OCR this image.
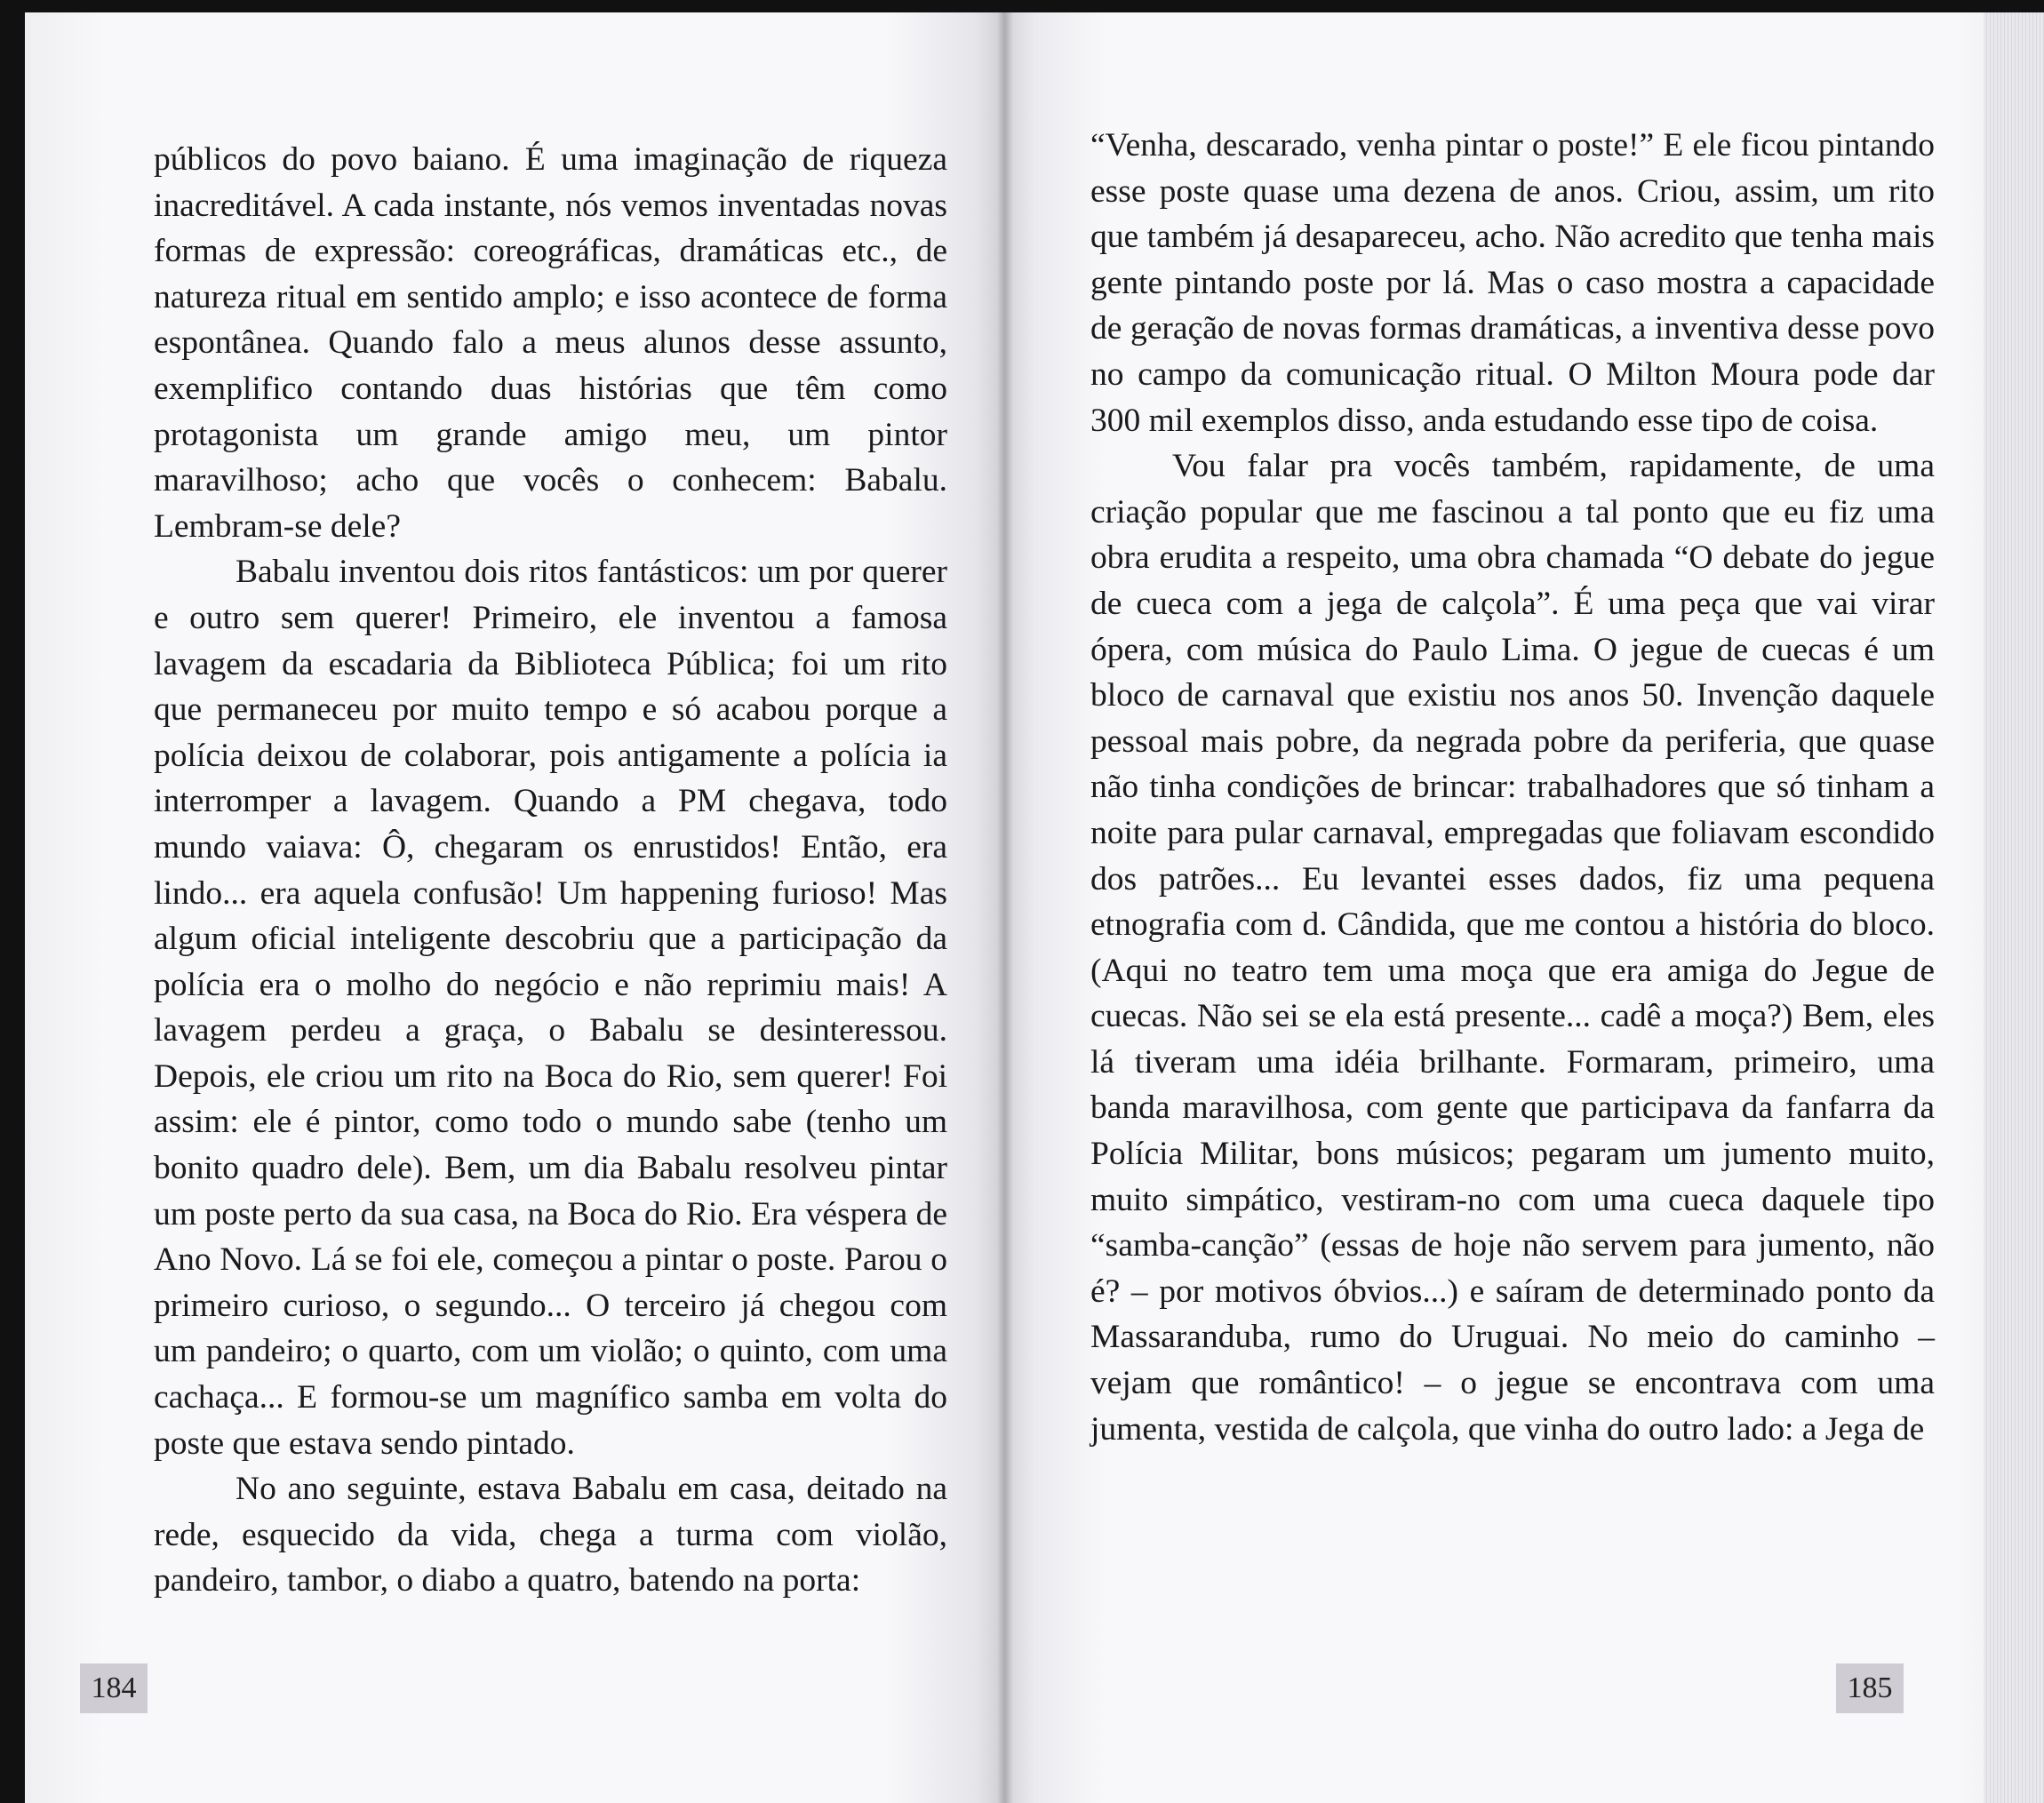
públicos do povo baiano. É uma imaginação de riqueza inacreditável. A cada instante, nós vemos inventadas novas formas de expressão: coreográficas, dramáticas etc., de natureza ritual em sentido amplo; e isso acontece de forma espontânea. Quando falo a meus alunos desse assunto, exemplifico contando duas histórias que têm como protagonista um grande amigo meu, um pintor maravilhoso; acho que vocês o conhecem: Babalu. Lembram-se dele?

Babalu inventou dois ritos fantásticos: um por querer e outro sem querer! Primeiro, ele inventou a famosa lavagem da escadaria da Biblioteca Pública; foi um rito que permaneceu por muito tempo e só acabou porque a polícia deixou de colaborar, pois antigamente a polícia ia interromper a lavagem. Quando a PM chegava, todo mundo vaiava: Ô, chegaram os enrustidos! Então, era lindo... era aquela confusão! Um happening furioso! Mas algum oficial inteligente descobriu que a participação da polícia era o molho do negócio e não reprimiu mais! A lavagem perdeu a graça, o Babalu se desinteressou. Depois, ele criou um rito na Boca do Rio, sem querer! Foi assim: ele é pintor, como todo o mundo sabe (tenho um bonito quadro dele). Bem, um dia Babalu resolveu pintar um poste perto da sua casa, na Boca do Rio. Era véspera de Ano Novo. Lá se foi ele, começou a pintar o poste. Parou o primeiro curioso, o segundo... O terceiro já chegou com um pandeiro; o quarto, com um violão; o quinto, com uma cachaça... E formou-se um magnífico samba em volta do poste que estava sendo pintado.

No ano seguinte, estava Babalu em casa, deitado na rede, esquecido da vida, chega a turma com violão, pandeiro, tambor, o diabo a quatro, batendo na porta:

184

“Venha, descarado, venha pintar o poste!” E ele ficou pintando esse poste quase uma dezena de anos. Criou, assim, um rito que também já desapareceu, acho. Não acredito que tenha mais gente pintando poste por lá. Mas o caso mostra a capacidade de geração de novas formas dramáticas, a inventiva desse povo no campo da comunicação ritual. O Milton Moura pode dar 300 mil exemplos disso, anda estudando esse tipo de coisa.

Vou falar pra vocês também, rapidamente, de uma criação popular que me fascinou a tal ponto que eu fiz uma obra erudita a respeito, uma obra chamada “O debate do jegue de cueca com a jega de calçola”. É uma peça que vai virar ópera, com música do Paulo Lima. O jegue de cuecas é um bloco de carnaval que existiu nos anos 50. Invenção daquele pessoal mais pobre, da negrada pobre da periferia, que quase não tinha condições de brincar: trabalhadores que só tinham a noite para pular carnaval, empregadas que foliavam escondido dos patrões... Eu levantei esses dados, fiz uma pequena etnografia com d. Cândida, que me contou a história do bloco. (Aqui no teatro tem uma moça que era amiga do Jegue de cuecas. Não sei se ela está presente... cadê a moça?) Bem, eles lá tiveram uma idéia brilhante. Formaram, primeiro, uma banda maravilhosa, com gente que participava da fanfarra da Polícia Militar, bons músicos; pegaram um jumento muito, muito simpático, vestiram-no com uma cueca daquele tipo “samba-canção” (essas de hoje não servem para jumento, não é? – por motivos óbvios...) e saíram de determinado ponto da Massaranduba, rumo do Uruguai. No meio do caminho – vejam que romântico! – o jegue se encontrava com uma jumenta, vestida de calçola, que vinha do outro lado: a Jega de

185
